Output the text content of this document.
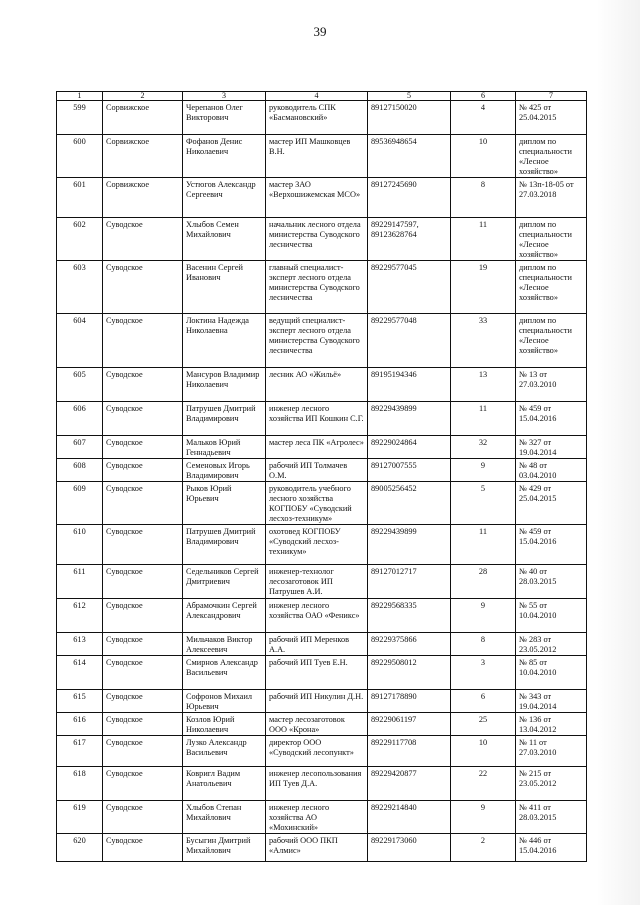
39
1	2	3	4	5	6	7
599	Сорвижское	Черепанов Олег Викторович	руководитель СПК «Басмановский»	89127150020	4	№ 425 от 25.04.2015
600	Сорвижское	Фофанов Денис Николаевич	мастер ИП Машковцев В.Н.	89536948654	10	диплом по специальности «Лесное хозяйство»
601	Сорвижское	Устюгов Александр Сергеевич	мастер ЗАО «Верхошижемская МСО»	89127245690	8	№ 13п-18-05 от 27.03.2018
602	Суводское	Хлыбов Семен Михайлович	начальник лесного отдела министерства Суводского лесничества	89229147597, 89123628764	11	диплом по специальности «Лесное хозяйство»
603	Суводское	Васенин Сергей Иванович	главный специалист-эксперт лесного отдела министерства Суводского лесничества	89229577045	19	диплом по специальности «Лесное хозяйство»
604	Суводское	Локтина Надежда Николаевна	ведущий специалист-эксперт лесного отдела министерства Суводского лесничества	89229577048	33	диплом по специальности «Лесное хозяйство»
605	Суводское	Мансуров Владимир Николаевич	лесник АО «Жильё»	89195194346	13	№ 13 от 27.03.2010
606	Суводское	Патрушев Дмитрий Владимирович	инженер лесного хозяйства ИП Кошкин С.Г.	89229439899	11	№ 459 от 15.04.2016
607	Суводское	Мальков Юрий Геннадьевич	мастер леса ПК «Агролес»	89229024864	32	№ 327 от 19.04.2014
608	Суводское	Семеновых Игорь Владимирович	рабочий ИП Толмачев О.М.	89127007555	9	№ 48 от 03.04.2010
609	Суводское	Рыков Юрий Юрьевич	руководитель учебного лесного хозяйства КОГПОБУ «Суводский лесхоз-техникум»	89005256452	5	№ 429 от 25.04.2015
610	Суводское	Патрушев Дмитрий Владимирович	охотовед КОГПОБУ «Суводский лесхоз-техникум»	89229439899	11	№ 459 от 15.04.2016
611	Суводское	Седельников Сергей Дмитриевич	инженер-технолог лесозаготовок ИП Патрушев А.И.	89127012717	28	№ 40 от 28.03.2015
612	Суводское	Абрамочкин Сергей Александрович	инженер лесного хозяйства ОАО «Феникс»	89229568335	9	№ 55 от 10.04.2010
613	Суводское	Мильчаков Виктор Алексеевич	рабочий ИП Меренков А.А.	89229375866	8	№ 283 от 23.05.2012
614	Суводское	Смирнов Александр Васильевич	рабочий ИП Туев Е.Н.	89229508012	3	№ 85 от 10.04.2010
615	Суводское	Софронов Михаил Юрьевич	рабочий ИП Никулин Д.Н.	89127178890	6	№ 343 от 19.04.2014
616	Суводское	Козлов Юрий Николаевич	мастер лесозаготовок ООО «Крона»	89229061197	25	№ 136 от 13.04.2012
617	Суводское	Лузко Александр Васильевич	директор ООО «Суводский лесопункт»	89229117708	10	№ 11 от 27.03.2010
618	Суводское	Ковригл Вадим Анатольевич	инженер лесопользования ИП Туев Д.А.	89229420877	22	№ 215 от 23.05.2012
619	Суводское	Хлыбов Степан Михайлович	инженер лесного хозяйства АО «Мохинский»	89229214840	9	№ 411 от 28.03.2015
620	Суводское	Бусыгин Дмитрий Михайлович	рабочий ООО ПКП «Алмис»	89229173060	2	№ 446 от 15.04.2016
